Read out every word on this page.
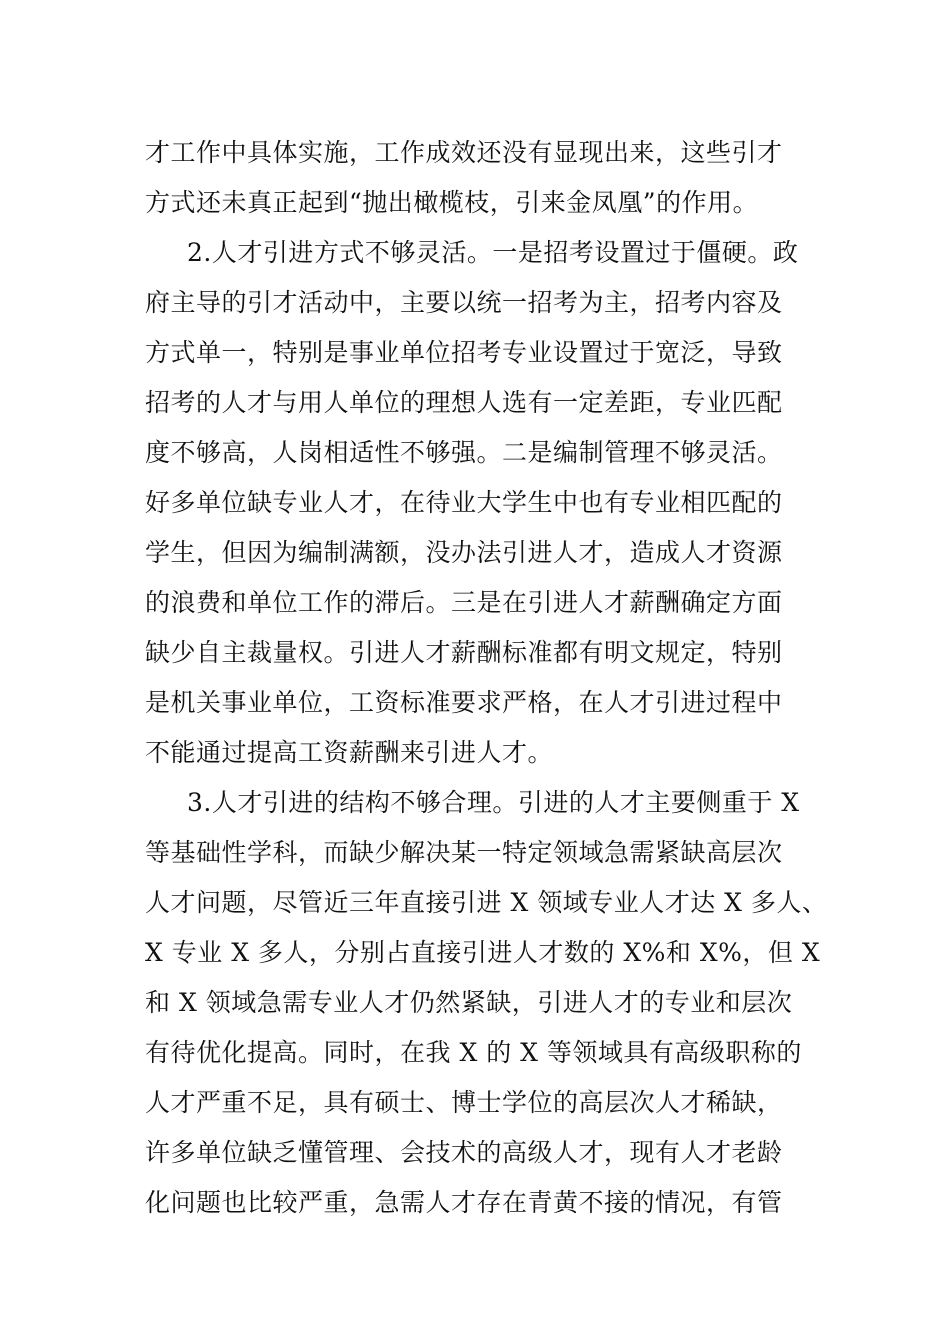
才工作中具体实施，工作成效还没有显现出来，这些引才
方式还未真正起到“抛出橄榄枝，引来金凤凰”的作用。
2.人才引进方式不够灵活。一是招考设置过于僵硬。政
府主导的引才活动中，主要以统一招考为主，招考内容及
方式单一，特别是事业单位招考专业设置过于宽泛，导致
招考的人才与用人单位的理想人选有一定差距，专业匹配
度不够高，人岗相适性不够强。二是编制管理不够灵活。
好多单位缺专业人才，在待业大学生中也有专业相匹配的
学生，但因为编制满额，没办法引进人才，造成人才资源
的浪费和单位工作的滞后。三是在引进人才薪酬确定方面
缺少自主裁量权。引进人才薪酬标准都有明文规定，特别
是机关事业单位，工资标准要求严格，在人才引进过程中
不能通过提高工资薪酬来引进人才。
3.人才引进的结构不够合理。引进的人才主要侧重于 X
等基础性学科，而缺少解决某一特定领域急需紧缺高层次
人才问题，尽管近三年直接引进 X 领域专业人才达 X 多人、
X 专业 X 多人，分别占直接引进人才数的 X%和 X%，但 X
和 X 领域急需专业人才仍然紧缺，引进人才的专业和层次
有待优化提高。同时，在我 X 的 X 等领域具有高级职称的
人才严重不足，具有硕士、博士学位的高层次人才稀缺，
许多单位缺乏懂管理、会技术的高级人才，现有人才老龄
化问题也比较严重，急需人才存在青黄不接的情况，有管
